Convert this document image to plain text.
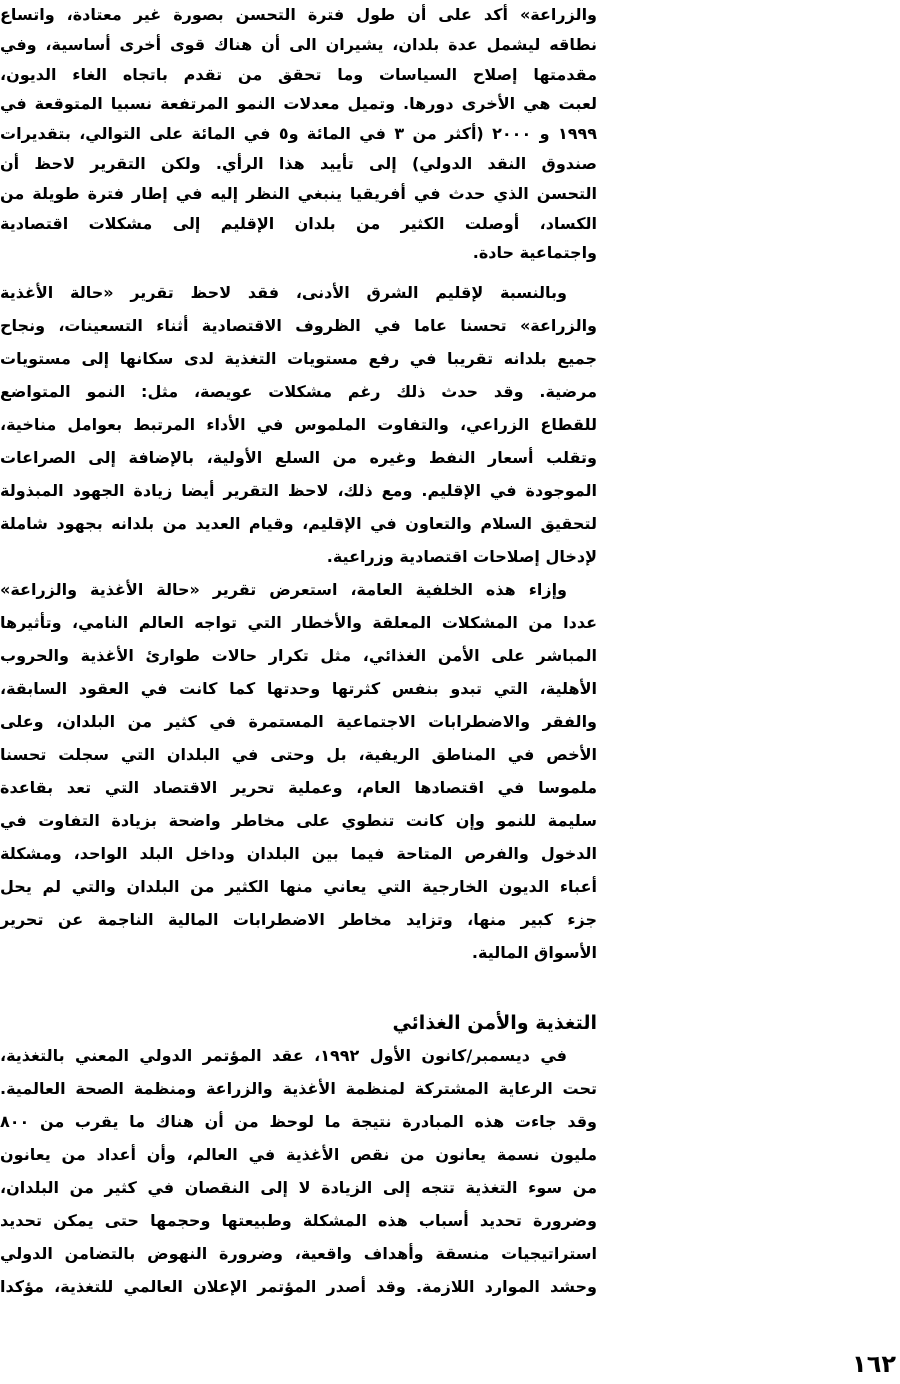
والزراعة» أكد على أن طول فترة التحسن بصورة غير معتادة، واتساع
نطاقه ليشمل عدة بلدان، يشيران الى أن هناك قوى أخرى أساسية، وفي
مقدمتها إصلاح السياسات وما تحقق من تقدم باتجاه الغاء الديون،
لعبت هي الأخرى دورها. وتميل معدلات النمو المرتفعة نسبيا المتوقعة في
١٩٩٩ و ٢٠٠٠ (أكثر من ٣ في المائة و٥ في المائة على التوالي، بتقديرات
صندوق النقد الدولي) إلى تأييد هذا الرأي. ولكن التقرير لاحظ أن
التحسن الذي حدث في أفريقيا ينبغي النظر إليه في إطار فترة طويلة من
الكساد، أوصلت الكثير من بلدان الإقليم إلى مشكلات اقتصادية
واجتماعية حادة.
وبالنسبة لإقليم الشرق الأدنى، فقد لاحظ تقرير «حالة الأغذية
والزراعة» تحسنا عاما في الظروف الاقتصادية أثناء التسعينات، ونجاح
جميع بلدانه تقريبا في رفع مستويات التغذية لدى سكانها إلى مستويات
مرضية. وقد حدث ذلك رغم مشكلات عويصة، مثل: النمو المتواضع
للقطاع الزراعي، والتفاوت الملموس في الأداء المرتبط بعوامل مناخية،
وتقلب أسعار النفط وغيره من السلع الأولية، بالإضافة إلى الصراعات
الموجودة في الإقليم. ومع ذلك، لاحظ التقرير أيضا زيادة الجهود المبذولة
لتحقيق السلام والتعاون في الإقليم، وقيام العديد من بلدانه بجهود شاملة
لإدخال إصلاحات اقتصادية وزراعية.
وإزاء هذه الخلفية العامة، استعرض تقرير «حالة الأغذية والزراعة»
عددا من المشكلات المعلقة والأخطار التي تواجه العالم النامي، وتأثيرها
المباشر على الأمن الغذائي، مثل تكرار حالات طوارئ الأغذية والحروب
الأهلية، التي تبدو بنفس كثرتها وحدتها كما كانت في العقود السابقة،
والفقر والاضطرابات الاجتماعية المستمرة في كثير من البلدان، وعلى
الأخص في المناطق الريفية، بل وحتى في البلدان التي سجلت تحسنا
ملموسا في اقتصادها العام، وعملية تحرير الاقتصاد التي تعد بقاعدة
سليمة للنمو وإن كانت تنطوي على مخاطر واضحة بزيادة التفاوت في
الدخول والفرص المتاحة فيما بين البلدان وداخل البلد الواحد، ومشكلة
أعباء الديون الخارجية التي يعاني منها الكثير من البلدان والتي لم يحل
جزء كبير منها، وتزايد مخاطر الاضطرابات المالية الناجمة عن تحرير
الأسواق المالية.
التغذية والأمن الغذائي
في ديسمبر/كانون الأول ١٩٩٢، عقد المؤتمر الدولي المعني بالتغذية،
تحت الرعاية المشتركة لمنظمة الأغذية والزراعة ومنظمة الصحة العالمية.
وقد جاءت هذه المبادرة نتيجة ما لوحظ من أن هناك ما يقرب من ٨٠٠
مليون نسمة يعانون من نقص الأغذية في العالم، وأن أعداد من يعانون
من سوء التغذية تتجه إلى الزيادة لا إلى النقصان في كثير من البلدان،
وضرورة تحديد أسباب هذه المشكلة وطبيعتها وحجمها حتى يمكن تحديد
استراتيجيات منسقة وأهداف واقعية، وضرورة النهوض بالتضامن الدولي
وحشد الموارد اللازمة. وقد أصدر المؤتمر الإعلان العالمي للتغذية، مؤكدا
١٦٢
